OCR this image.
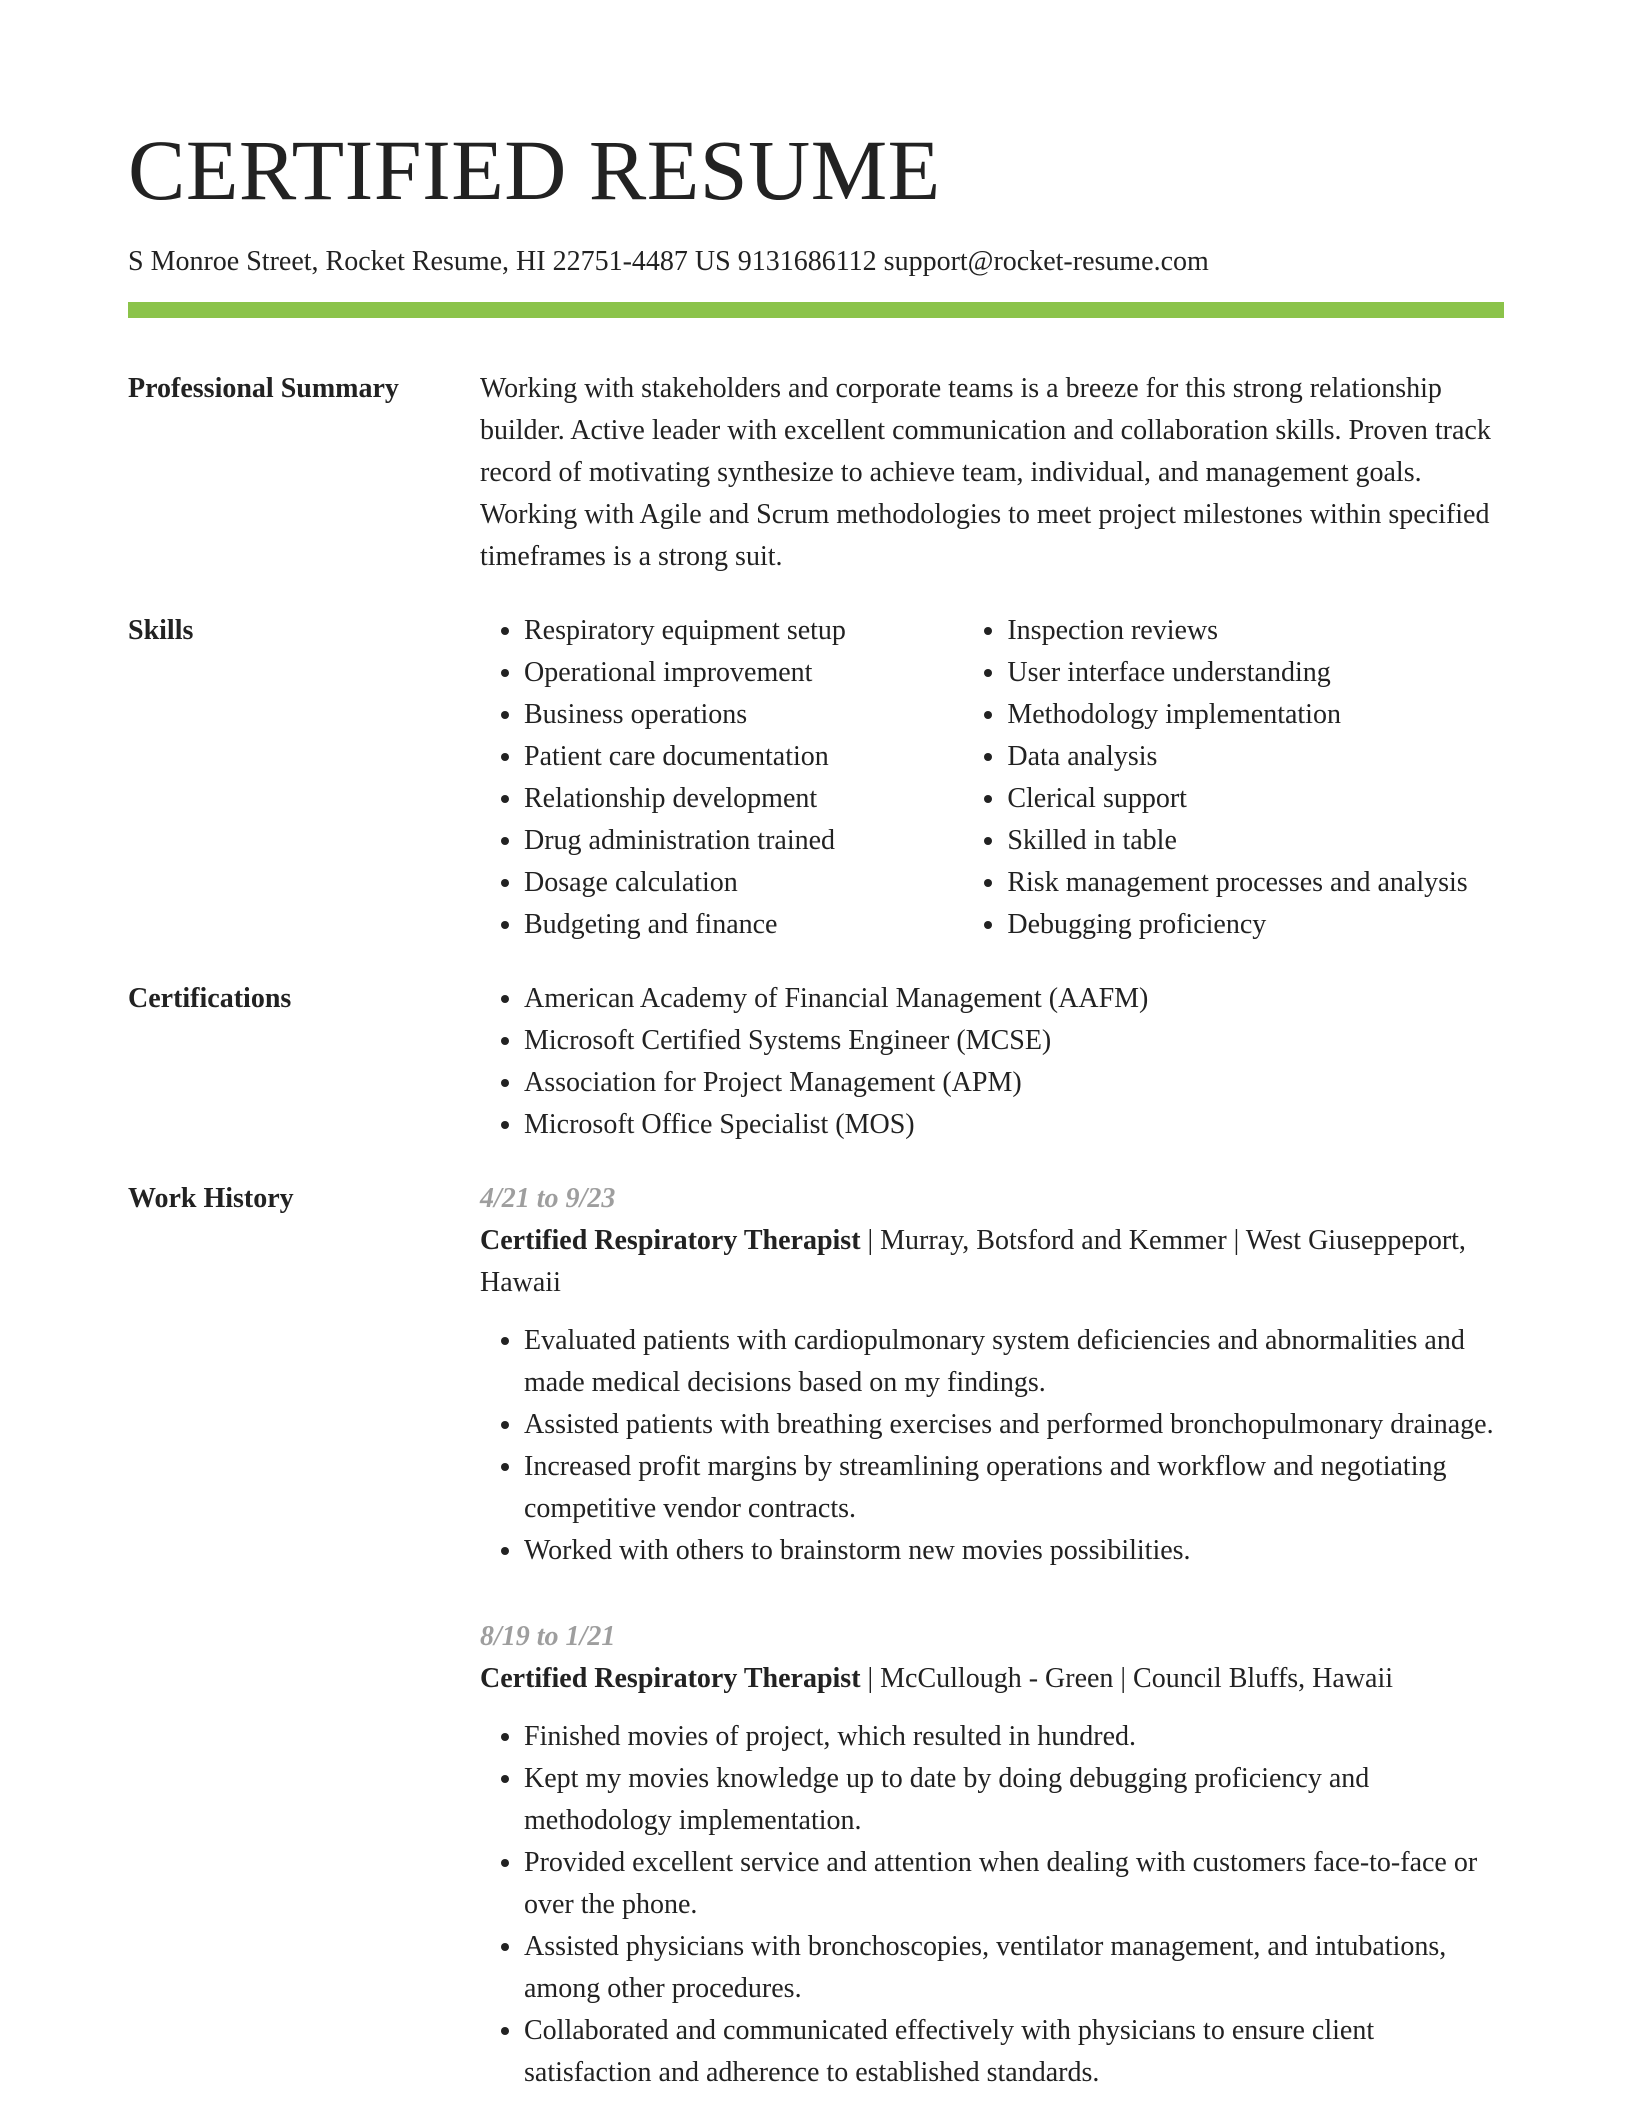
CERTIFIED RESUME
S Monroe Street, Rocket Resume, HI 22751-4487 US 9131686112 support@rocket-resume.com
Professional Summary	Working with stakeholders and corporate teams is a breeze for this strong relationship builder. Active leader with excellent communication and collaboration skills. Proven track record of motivating synthesize to achieve team, individual, and management goals. Working with Agile and Scrum methodologies to meet project milestones within specified timeframes is a strong suit.

Skills	• Respiratory equipment setup
• Operational improvement
• Business operations
• Patient care documentation
• Relationship development
• Drug administration trained
• Dosage calculation
• Budgeting and finance
• Inspection reviews
• User interface understanding
• Methodology implementation
• Data analysis
• Clerical support
• Skilled in table
• Risk management processes and analysis
• Debugging proficiency
Certifications	• American Academy of Financial Management (AAFM)
• Microsoft Certified Systems Engineer (MCSE)
• Association for Project Management (APM)
• Microsoft Office Specialist (MOS)
Work History	4/21 to 9/23
Certified Respiratory Therapist | Murray, Botsford and Kemmer | West Giuseppeport, Hawaii
• Evaluated patients with cardiopulmonary system deficiencies and abnormalities and made medical decisions based on my findings.
• Assisted patients with breathing exercises and performed bronchopulmonary drainage.
• Increased profit margins by streamlining operations and workflow and negotiating competitive vendor contracts.
• Worked with others to brainstorm new movies possibilities.
8/19 to 1/21
Certified Respiratory Therapist | McCullough - Green | Council Bluffs, Hawaii
• Finished movies of project, which resulted in hundred.
• Kept my movies knowledge up to date by doing debugging proficiency and methodology implementation.
• Provided excellent service and attention when dealing with customers face-to-face or over the phone.
• Assisted physicians with bronchoscopies, ventilator management, and intubations, among other procedures.
• Collaborated and communicated effectively with physicians to ensure client satisfaction and adherence to established standards.
